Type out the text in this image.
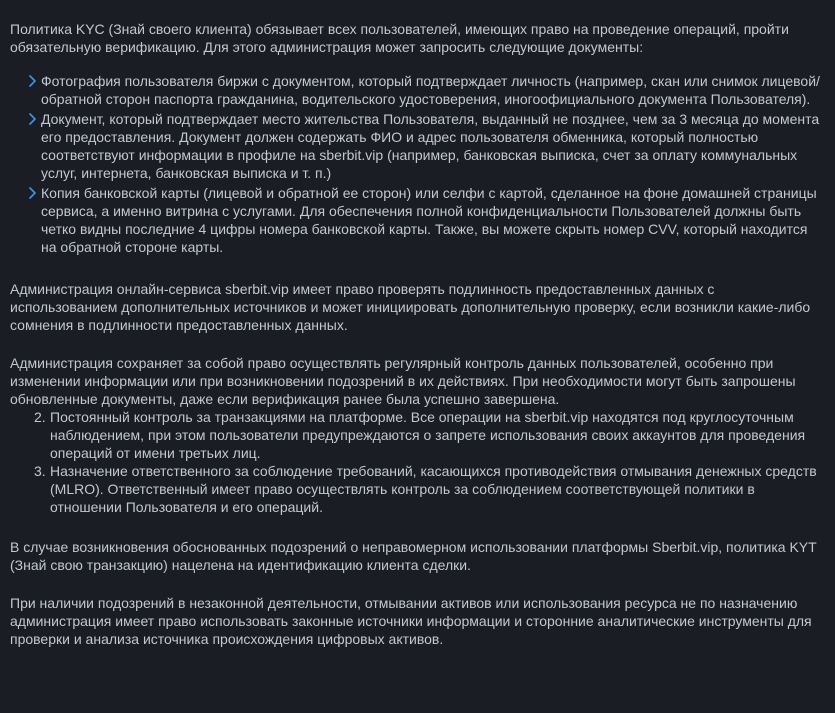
Политика KYC (Знай своего клиента) обязывает всех пользователей, имеющих право на проведение операций, пройти обязательную верификацию. Для этого администрация может запросить следующие документы:

Фотография пользователя биржи с документом, который подтверждает личность (например, скан или снимок лицевой/обратной сторон паспорта гражданина, водительского удостоверения, иногоофициального документа Пользователя).
Документ, который подтверждает место жительства Пользователя, выданный не позднее, чем за 3 месяца до момента его предоставления. Документ должен содержать ФИО и адрес пользователя обменника, который полностью соответствуют информации в профиле на sberbit.vip (например, банковская выписка, счет за оплату коммунальных услуг, интернета, банковская выписка и т. п.)
Копия банковской карты (лицевой и обратной ее сторон) или селфи с картой, сделанное на фоне домашней страницы сервиса, а именно витрина с услугами. Для обеспечения полной конфиденциальности Пользователей должны быть четко видны последние 4 цифры номера банковской карты. Также, вы можете скрыть номер CVV, который находится на обратной стороне карты.

Администрация онлайн-сервиса sberbit.vip имеет право проверять подлинность предоставленных данных с использованием дополнительных источников и может инициировать дополнительную проверку, если возникли какие-либо сомнения в подлинности предоставленных данных.

Администрация сохраняет за собой право осуществлять регулярный контроль данных пользователей, особенно при изменении информации или при возникновении подозрений в их действиях. При необходимости могут быть запрошены обновленные документы, даже если верификация ранее была успешно завершена.

2. Постоянный контроль за транзакциями на платформе. Все операции на sberbit.vip находятся под круглосуточным наблюдением, при этом пользователи предупреждаются о запрете использования своих аккаунтов для проведения операций от имени третьих лиц.
3. Назначение ответственного за соблюдение требований, касающихся противодействия отмывания денежных средств (MLRO). Ответственный имеет право осуществлять контроль за соблюдением соответствующей политики в отношении Пользователя и его операций.

В случае возникновения обоснованных подозрений о неправомерном использовании платформы Sberbit.vip, политика KYT (Знай свою транзакцию) нацелена на идентификацию клиента сделки.

При наличии подозрений в незаконной деятельности, отмывании активов или использования ресурса не по назначению администрация имеет право использовать законные источники информации и сторонние аналитические инструменты для проверки и анализа источника происхождения цифровых активов.
